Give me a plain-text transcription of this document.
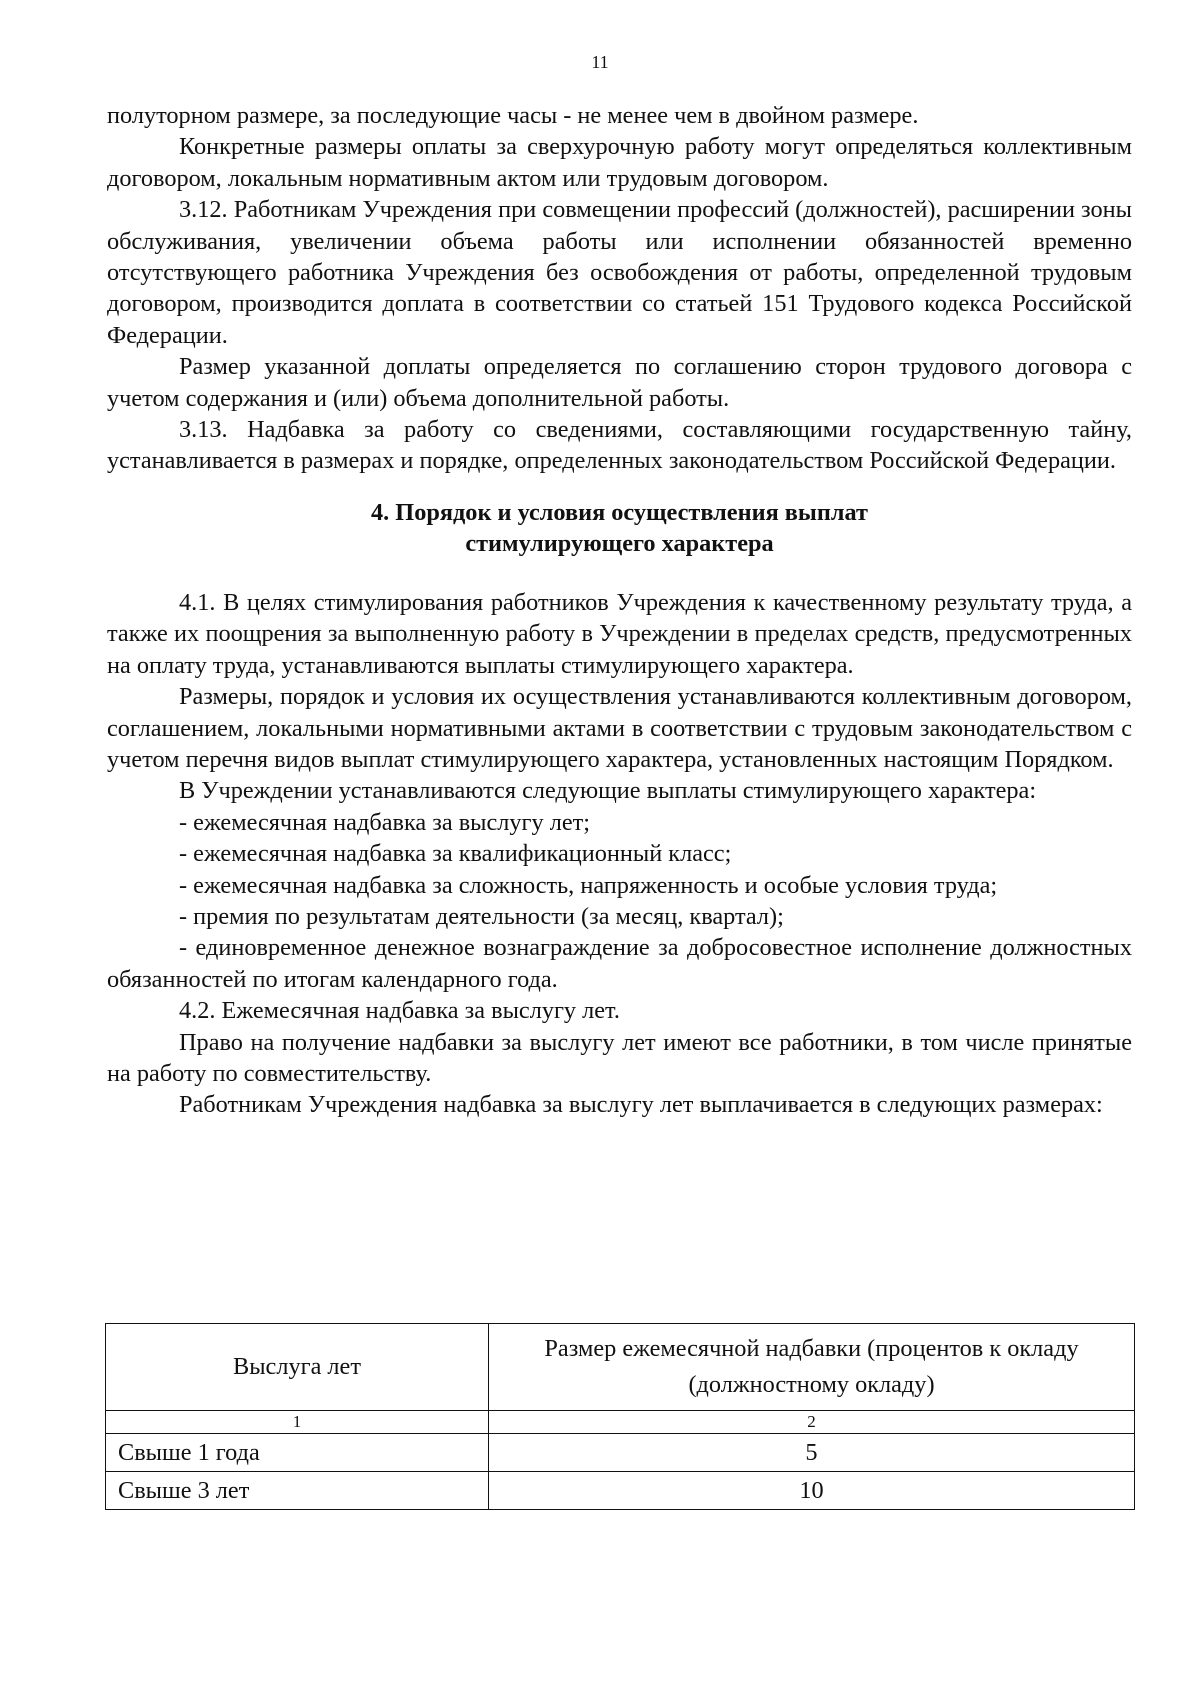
11

полуторном размере, за последующие часы - не менее чем в двойном размере.

Конкретные размеры оплаты за сверхурочную работу могут определяться коллективным договором, локальным нормативным актом или трудовым договором.

3.12. Работникам Учреждения при совмещении профессий (должностей), расширении зоны обслуживания, увеличении объема работы или исполнении обязанностей временно отсутствующего работника Учреждения без освобождения от работы, определенной трудовым договором, производится доплата в соответствии со статьей 151 Трудового кодекса Российской Федерации.

Размер указанной доплаты определяется по соглашению сторон трудового договора с учетом содержания и (или) объема дополнительной работы.

3.13. Надбавка за работу со сведениями, составляющими государственную тайну, устанавливается в размерах и порядке, определенных законодательством Российской Федерации.

4. Порядок и условия осуществления выплат
стимулирующего характера

4.1. В целях стимулирования работников Учреждения к качественному результату труда, а также их поощрения за выполненную работу в Учреждении в пределах средств, предусмотренных на оплату труда, устанавливаются выплаты стимулирующего характера.

Размеры, порядок и условия их осуществления устанавливаются коллективным договором, соглашением, локальными нормативными актами в соответствии с трудовым законодательством с учетом перечня видов выплат стимулирующего характера, установленных настоящим Порядком.

В Учреждении устанавливаются следующие выплаты стимулирующего характера:

- ежемесячная надбавка за выслугу лет;
- ежемесячная надбавка за квалификационный класс;
- ежемесячная надбавка за сложность, напряженность и особые условия труда;
- премия по результатам деятельности (за месяц, квартал);
- единовременное денежное вознаграждение за добросовестное исполнение должностных обязанностей по итогам календарного года.

4.2. Ежемесячная надбавка за выслугу лет.

Право на получение надбавки за выслугу лет имеют все работники, в том числе принятые на работу по совместительству.

Работникам Учреждения надбавка за выслугу лет выплачивается в следующих размерах:

Выслуга лет	Размер ежемесячной надбавки (процентов к окладу (должностному окладу)
1	2
Свыше 1 года	5
Свыше 3 лет	10
